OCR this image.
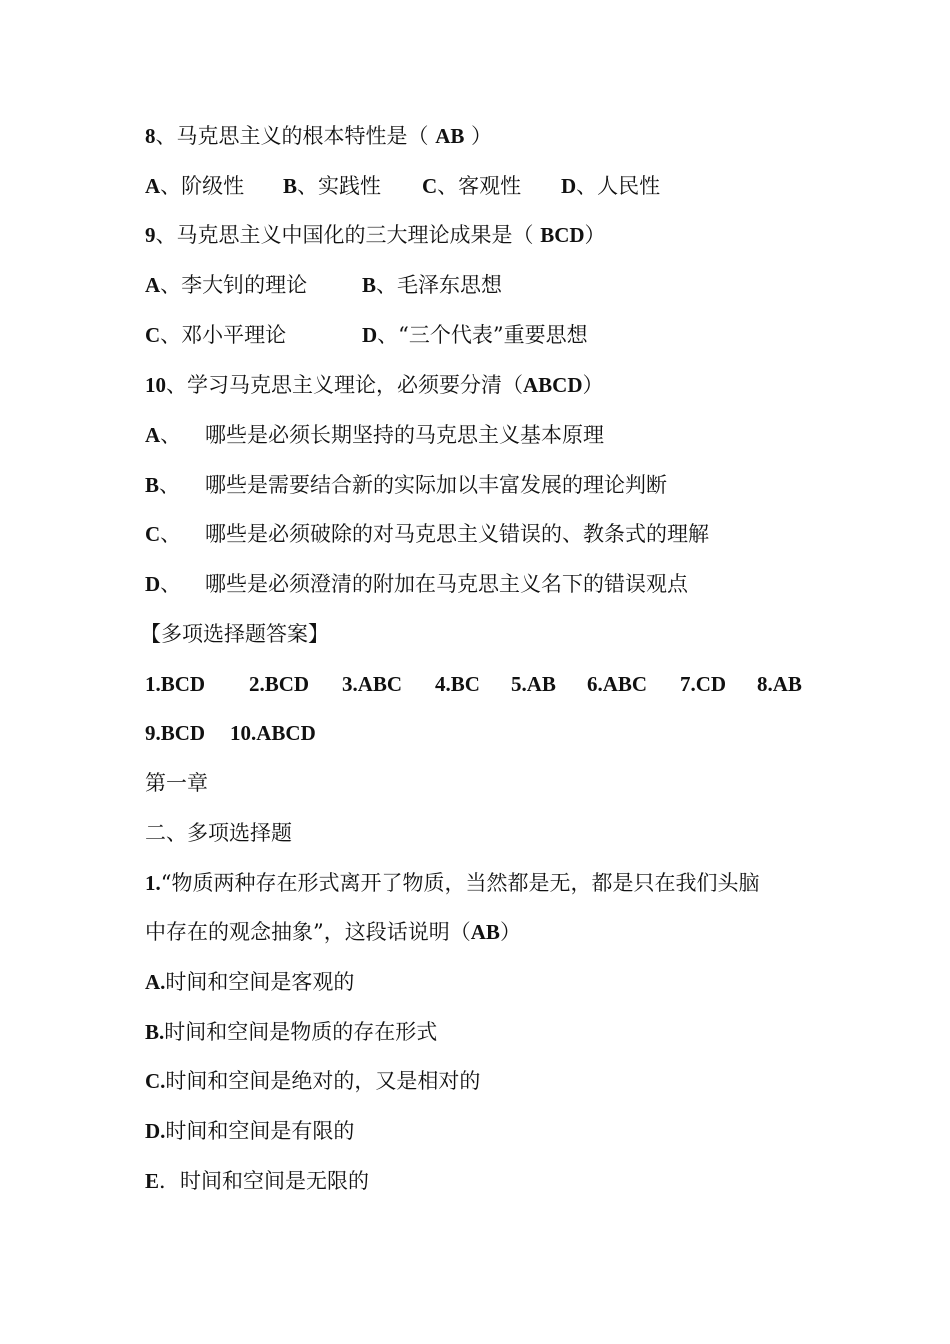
8、马克思主义的根本特性是（ AB ）
A、阶级性 B、实践性 C、客观性 D、人民性
9、马克思主义中国化的三大理论成果是（ BCD）
A、李大钊的理论	B、毛泽东思想
C、邓小平理论	D、“三个代表”重要思想
10、学习马克思主义理论，必须要分清（ABCD）
A、 哪些是必须长期坚持的马克思主义基本原理
B、 哪些是需要结合新的实际加以丰富发展的理论判断
C、 哪些是必须破除的对马克思主义错误的、教条式的理解
D、 哪些是必须澄清的附加在马克思主义名下的错误观点
【多项选择题答案】
1.BCD 2.BCD 3.ABC 4.BC 5.AB 6.ABC 7.CD 8.AB
9.BCD 10.ABCD
第一章
二、多项选择题
1.“物质两种存在形式离开了物质，当然都是无，都是只在我们头脑
中存在的观念抽象”，这段话说明（AB）
A.时间和空间是客观的
B.时间和空间是物质的存在形式
C.时间和空间是绝对的，又是相对的
D.时间和空间是有限的
E．时间和空间是无限的
